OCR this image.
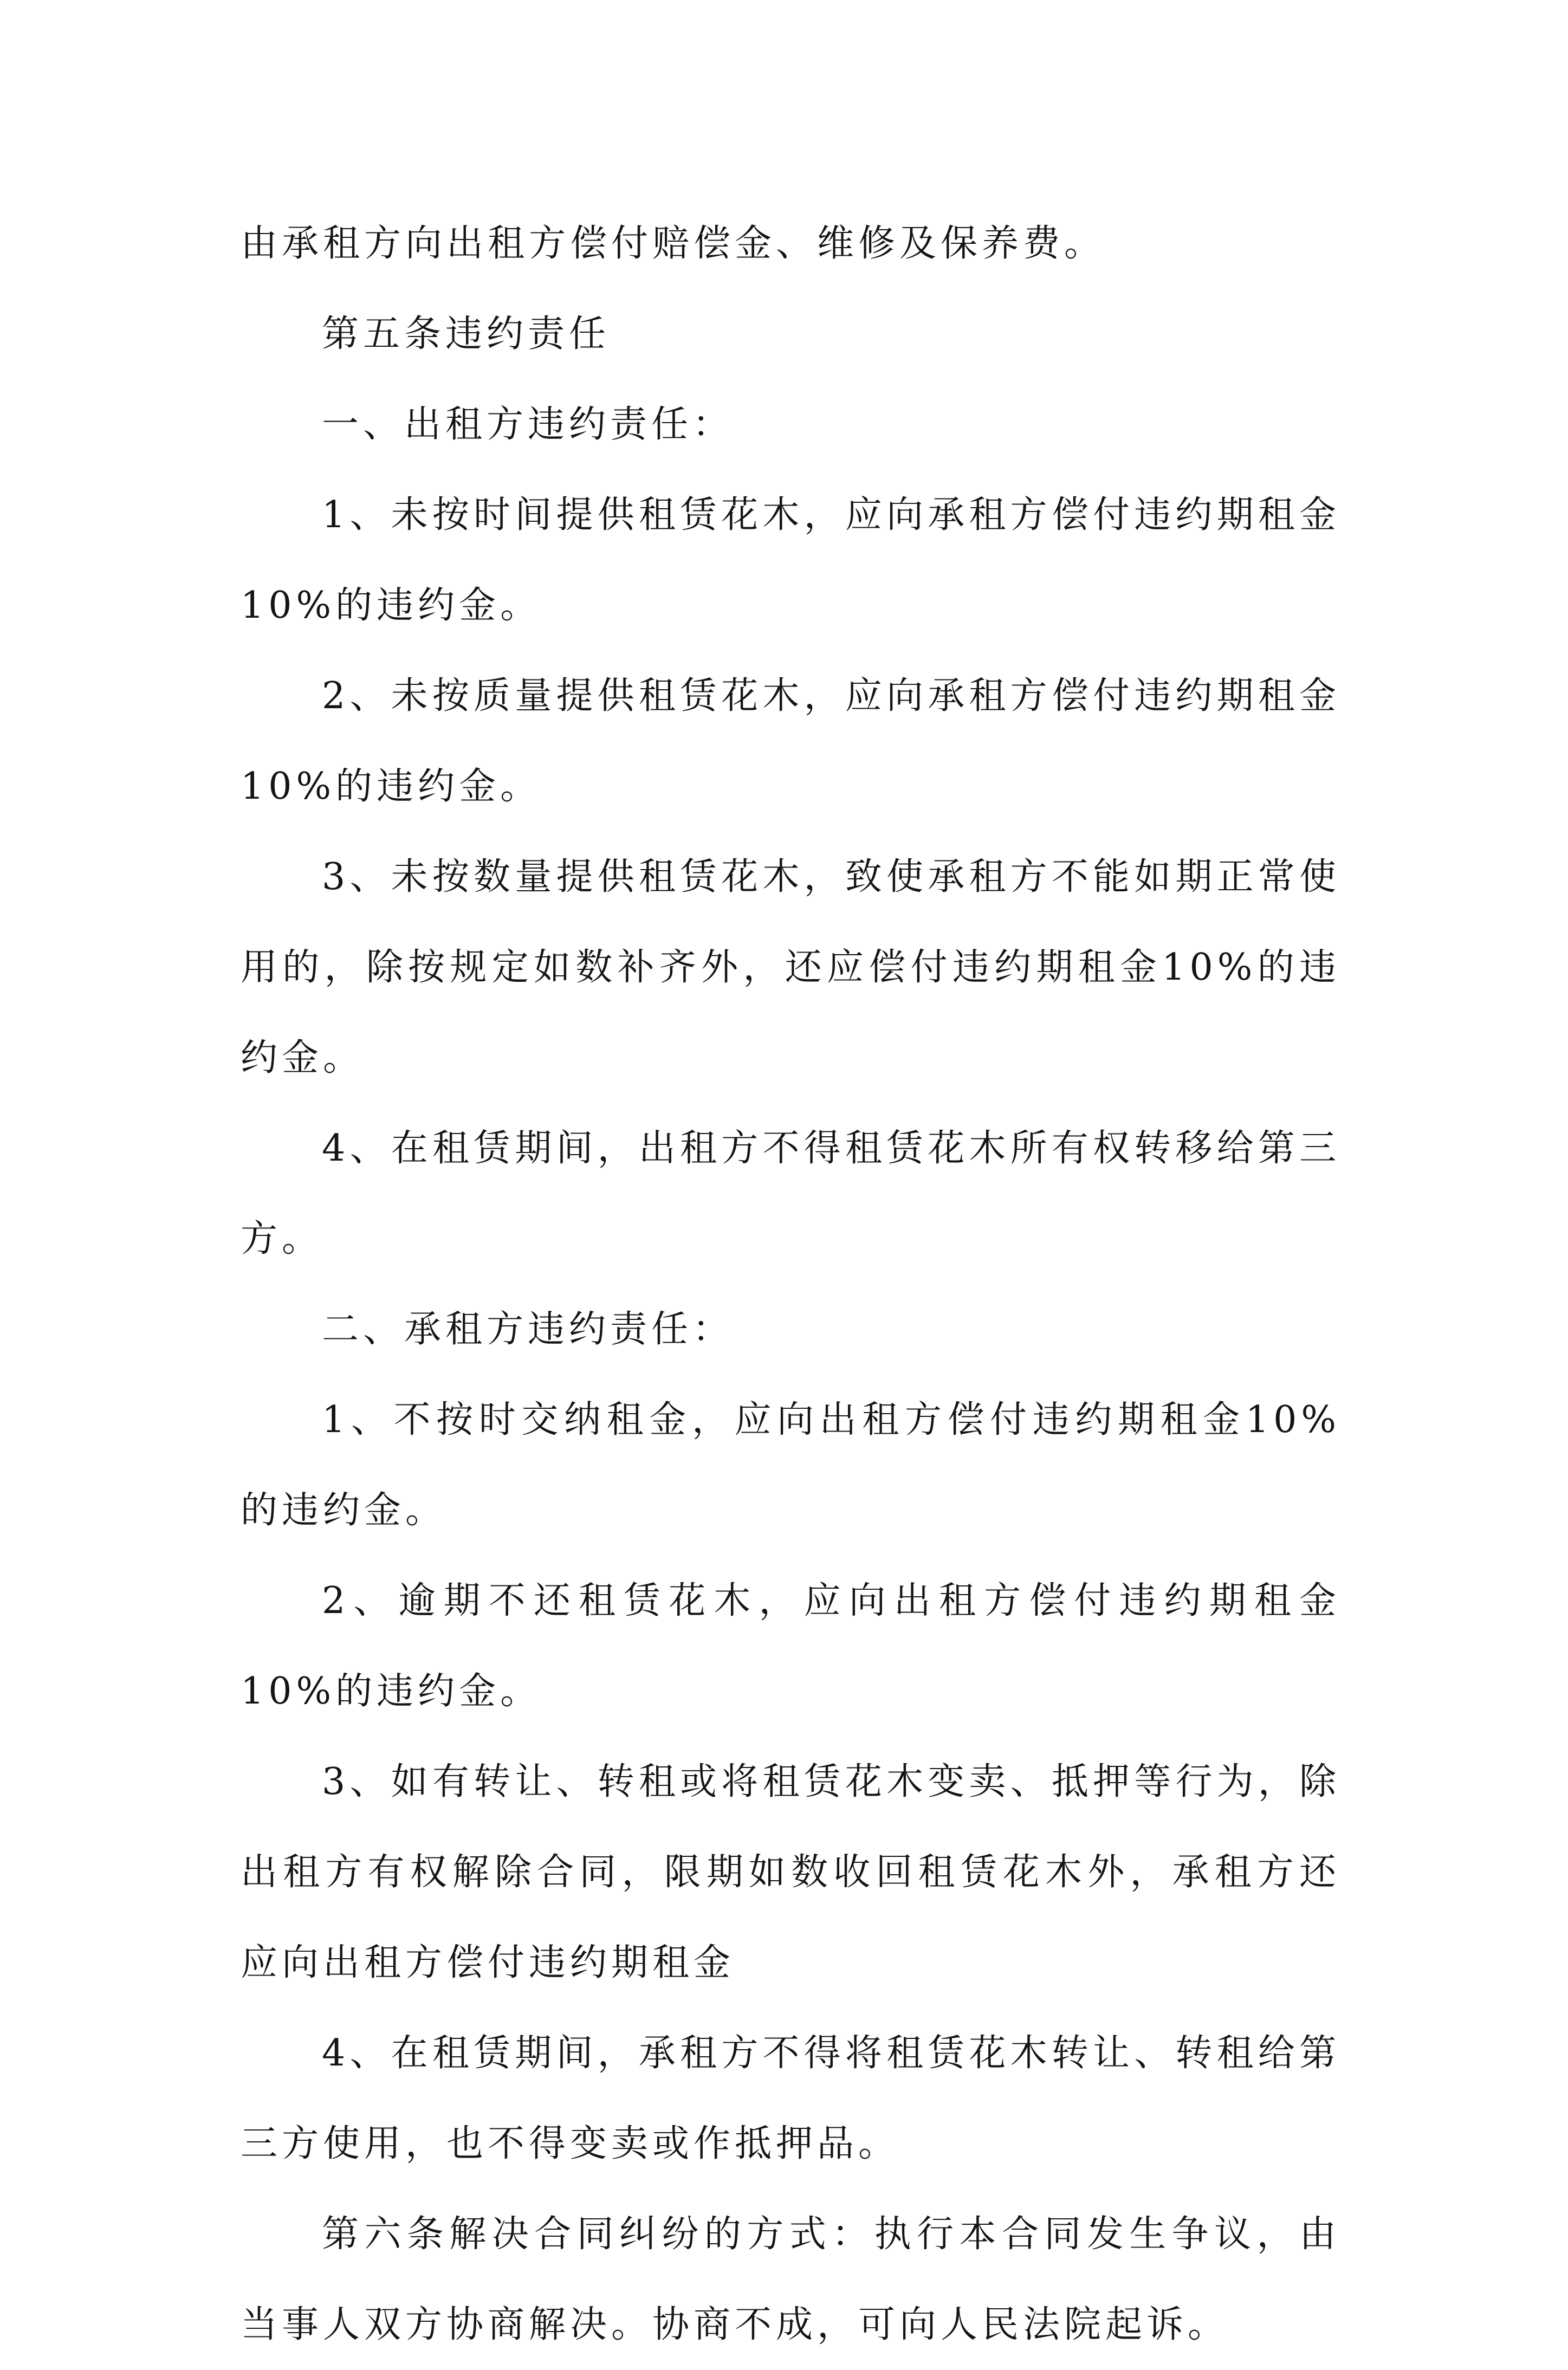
由承租方向出租方偿付赔偿金、维修及保养费。

第五条违约责任

一、出租方违约责任：

1、未按时间提供租赁花木，应向承租方偿付违约期租金10%的违约金。

2、未按质量提供租赁花木，应向承租方偿付违约期租金10%的违约金。

3、未按数量提供租赁花木，致使承租方不能如期正常使用的，除按规定如数补齐外，还应偿付违约期租金10%的违约金。

4、在租赁期间，出租方不得租赁花木所有权转移给第三方。

二、承租方违约责任：

1、不按时交纳租金，应向出租方偿付违约期租金10%的违约金。

2、逾期不还租赁花木，应向出租方偿付违约期租金10%的违约金。

3、如有转让、转租或将租赁花木变卖、抵押等行为，除出租方有权解除合同，限期如数收回租赁花木外，承租方还应向出租方偿付违约期租金

4、在租赁期间，承租方不得将租赁花木转让、转租给第三方使用，也不得变卖或作抵押品。

第六条解决合同纠纷的方式：执行本合同发生争议，由当事人双方协商解决。协商不成，可向人民法院起诉。
